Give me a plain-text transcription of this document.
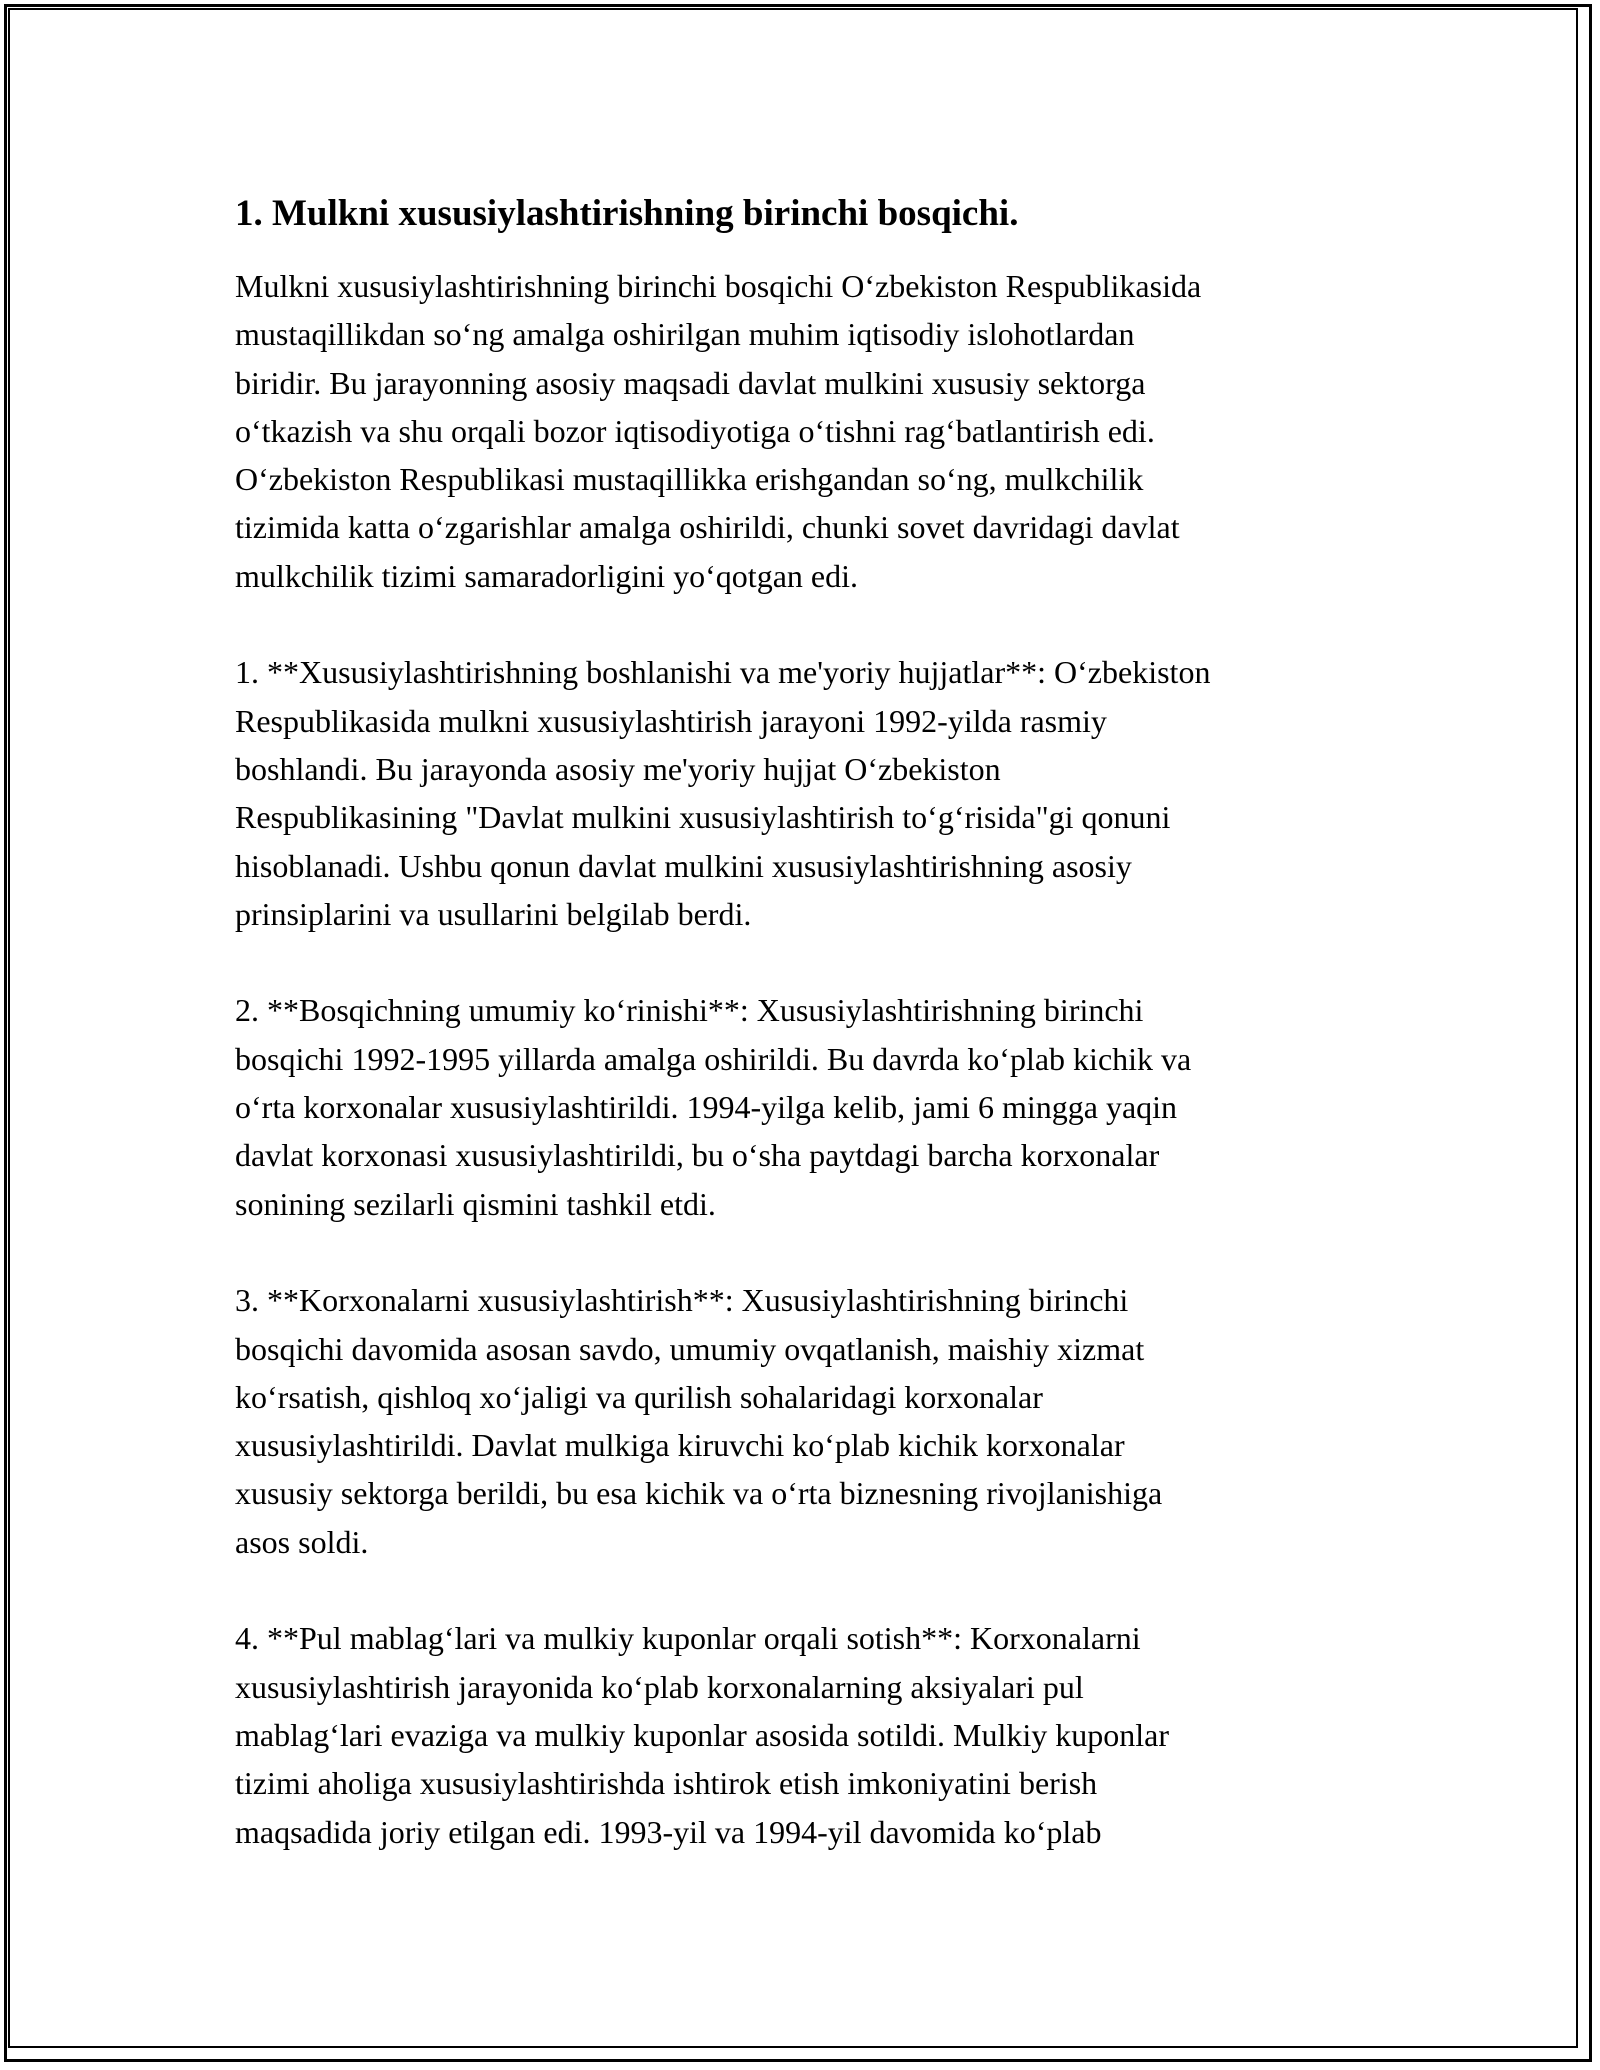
1. Mulkni xususiylashtirishning birinchi bosqichi.

Mulkni xususiylashtirishning birinchi bosqichi O‘zbekiston Respublikasida
mustaqillikdan so‘ng amalga oshirilgan muhim iqtisodiy islohotlardan
biridir. Bu jarayonning asosiy maqsadi davlat mulkini xususiy sektorga
o‘tkazish va shu orqali bozor iqtisodiyotiga o‘tishni rag‘batlantirish edi.
O‘zbekiston Respublikasi mustaqillikka erishgandan so‘ng, mulkchilik
tizimida katta o‘zgarishlar amalga oshirildi, chunki sovet davridagi davlat
mulkchilik tizimi samaradorligini yo‘qotgan edi.

1. **Xususiylashtirishning boshlanishi va me'yoriy hujjatlar**: O‘zbekiston
Respublikasida mulkni xususiylashtirish jarayoni 1992-yilda rasmiy
boshlandi. Bu jarayonda asosiy me'yoriy hujjat O‘zbekiston
Respublikasining "Davlat mulkini xususiylashtirish to‘g‘risida"gi qonuni
hisoblanadi. Ushbu qonun davlat mulkini xususiylashtirishning asosiy
prinsiplarini va usullarini belgilab berdi.

2. **Bosqichning umumiy ko‘rinishi**: Xususiylashtirishning birinchi
bosqichi 1992-1995 yillarda amalga oshirildi. Bu davrda ko‘plab kichik va
o‘rta korxonalar xususiylashtirildi. 1994-yilga kelib, jami 6 mingga yaqin
davlat korxonasi xususiylashtirildi, bu o‘sha paytdagi barcha korxonalar
sonining sezilarli qismini tashkil etdi.

3. **Korxonalarni xususiylashtirish**: Xususiylashtirishning birinchi
bosqichi davomida asosan savdo, umumiy ovqatlanish, maishiy xizmat
ko‘rsatish, qishloq xo‘jaligi va qurilish sohalaridagi korxonalar
xususiylashtirildi. Davlat mulkiga kiruvchi ko‘plab kichik korxonalar
xususiy sektorga berildi, bu esa kichik va o‘rta biznesning rivojlanishiga
asos soldi.

4. **Pul mablag‘lari va mulkiy kuponlar orqali sotish**: Korxonalarni
xususiylashtirish jarayonida ko‘plab korxonalarning aksiyalari pul
mablag‘lari evaziga va mulkiy kuponlar asosida sotildi. Mulkiy kuponlar
tizimi aholiga xususiylashtirishda ishtirok etish imkoniyatini berish
maqsadida joriy etilgan edi. 1993-yil va 1994-yil davomida ko‘plab
